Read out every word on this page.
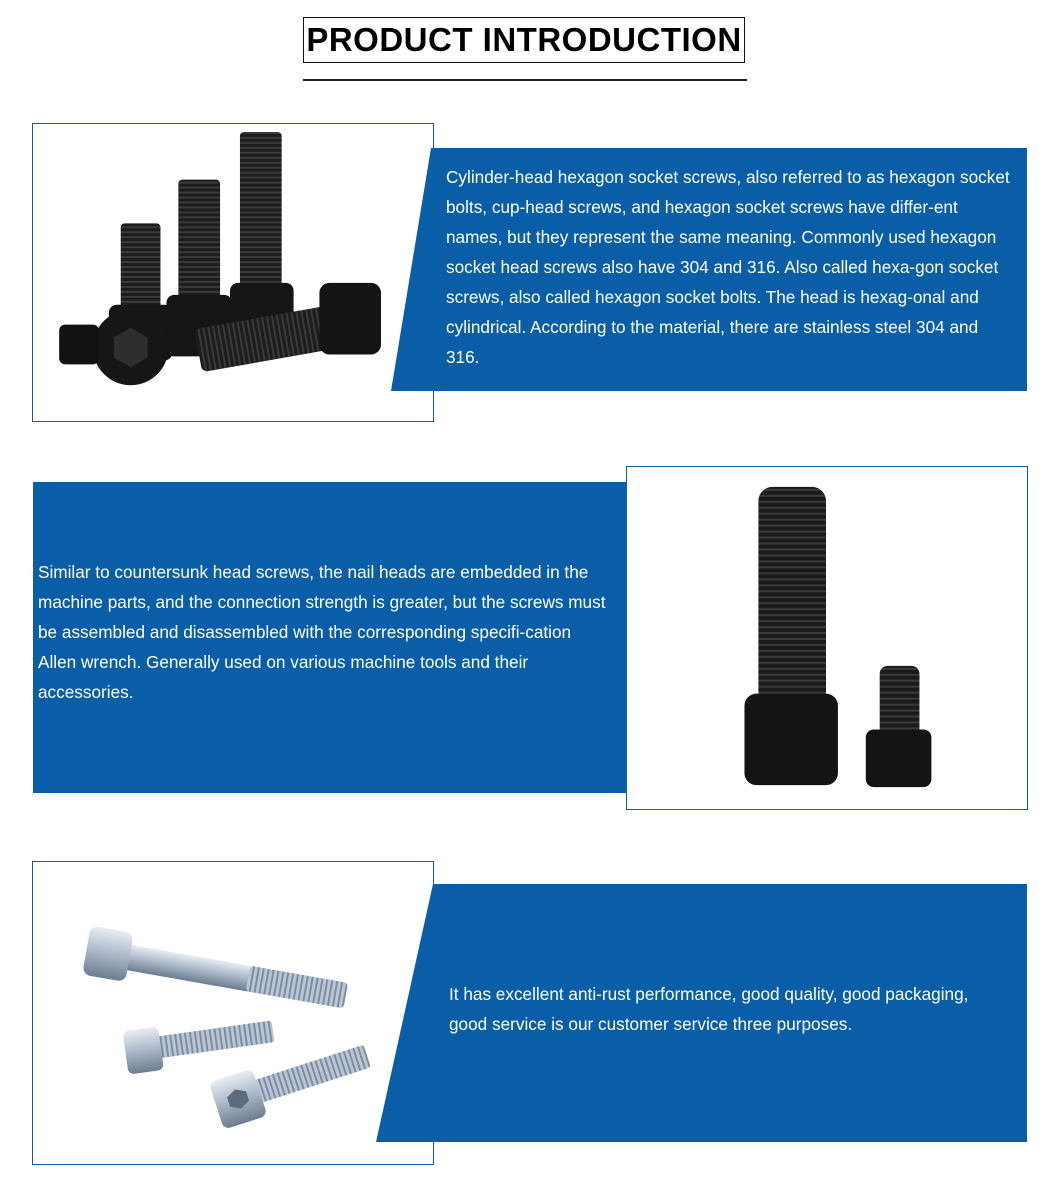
PRODUCT INTRODUCTION
Cylinder-head hexagon socket screws, also referred to as hexagon socket bolts, cup-head screws, and hexagon socket screws have differ-ent names, but they represent the same meaning. Commonly used hexagon socket head screws also have 304 and 316. Also called hexa-gon socket screws, also called hexagon socket bolts. The head is hexag-onal and cylindrical. According to the material, there are stainless steel 304 and 316.
Similar to countersunk head screws, the nail heads are embedded in the machine parts, and the connection strength is greater, but the screws must be assembled and disassembled with the corresponding specifi-cation Allen wrench. Generally used on various machine tools and their accessories.
It has excellent anti-rust performance, good quality, good packaging, good service is our customer service three purposes.
